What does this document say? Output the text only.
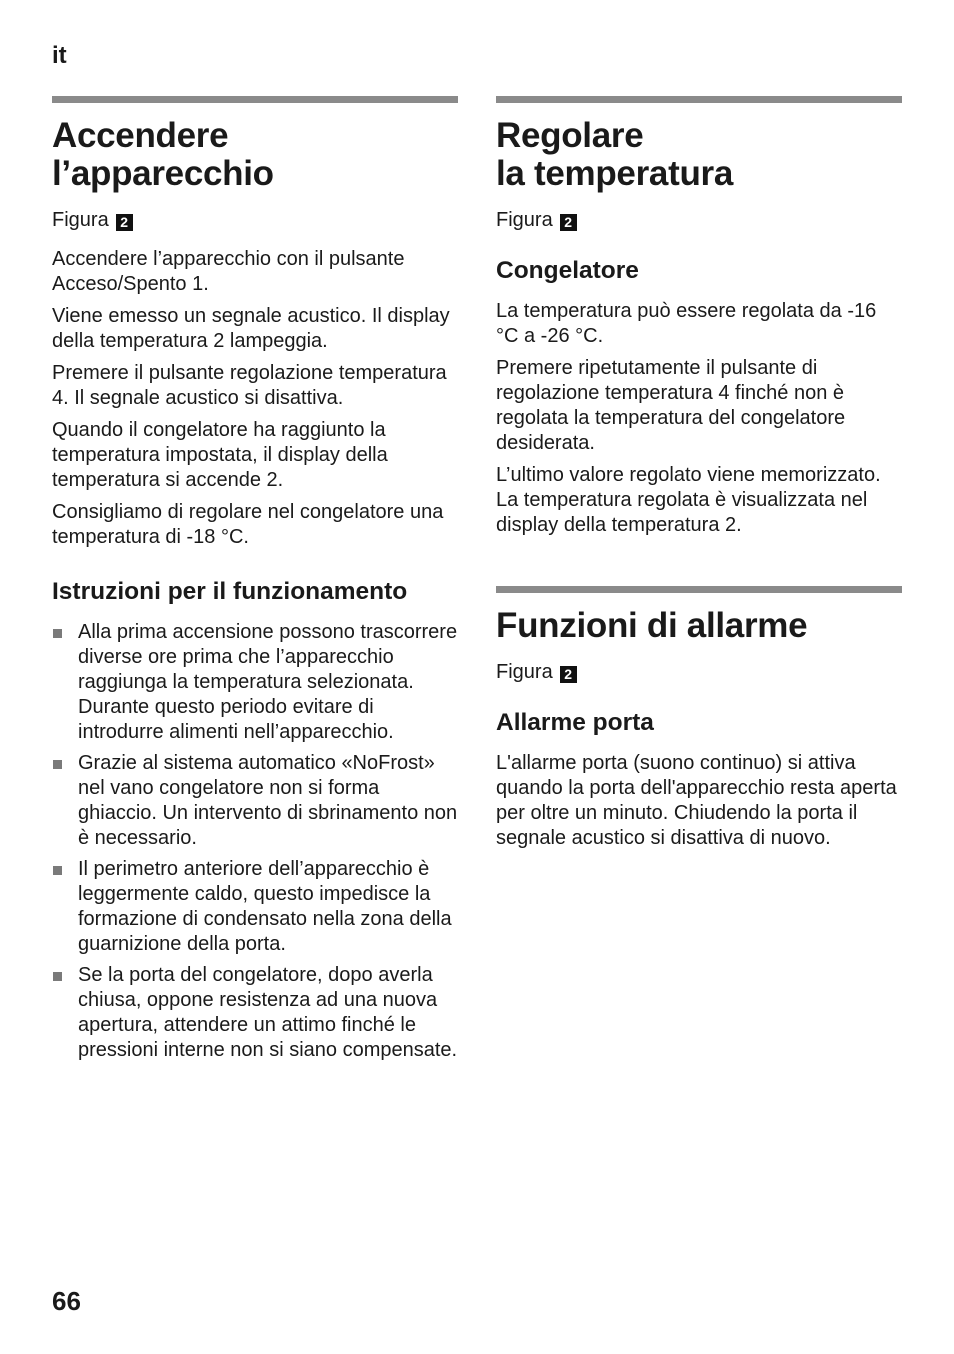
it
Accendere
l’apparecchio

Figura 2

Accendere l’apparecchio con il pulsante Acceso/Spento 1.

Viene emesso un segnale acustico. Il display della temperatura 2 lampeggia.

Premere il pulsante regolazione temperatura 4. Il segnale acustico si disattiva.

Quando il congelatore ha raggiunto la temperatura impostata, il display della temperatura si accende 2.

Consigliamo di regolare nel congelatore una temperatura di -18 °C.

Istruzioni per il funzionamento
Alla prima accensione possono trascorrere diverse ore prima che l’apparecchio raggiunga la temperatura selezionata. Durante questo periodo evitare di introdurre alimenti nell’apparecchio.
Grazie al sistema automatico «NoFrost» nel vano congelatore non si forma ghiaccio. Un intervento di sbrinamento non è necessario.
Il perimetro anteriore dell’apparecchio è leggermente caldo, questo impedisce la formazione di condensato nella zona della guarnizione della porta.
Se la porta del congelatore, dopo averla chiusa, oppone resistenza ad una nuova apertura, attendere un attimo finché le pressioni interne non si siano compensate.
Regolare
la temperatura

Figura 2

Congelatore

La temperatura può essere regolata da -16 °C a -26 °C.

Premere ripetutamente il pulsante di regolazione temperatura 4 finché non è regolata la temperatura del congelatore desiderata.

L’ultimo valore regolato viene memorizzato. La temperatura regolata è visualizzata nel display della temperatura 2.

Funzioni di allarme

Figura 2

Allarme porta

L'allarme porta (suono continuo) si attiva quando la porta dell'apparecchio resta aperta per oltre un minuto. Chiudendo la porta il segnale acustico si disattiva di nuovo.

66
